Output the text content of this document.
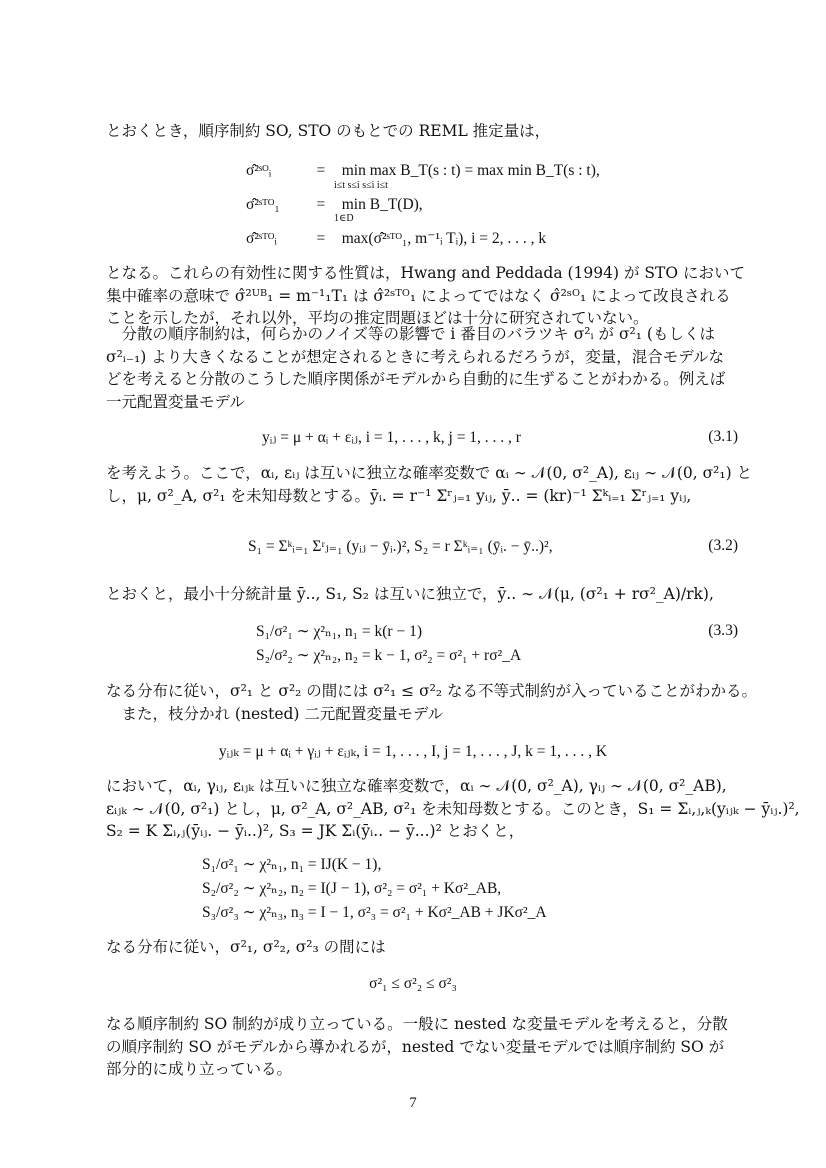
とおくとき，順序制約 SO, STO のもとでの REML 推定量は，

σ̂²ˢᴼᵢ	= min max B_T(s : t) = max min B_T(s : t),
i≤t s≤i s≤i i≤t
σ̂²ˢᵀᴼ₁ = min B_T(D),
1∈D
σ̂²ˢᵀᴼᵢ	= max(σ̂²ˢᵀᴼ₁, m⁻¹ᵢ Tᵢ), i = 2, . . . , k

となる。これらの有効性に関する性質は，Hwang and Peddada (1994) が STO において
集中確率の意味で σ̂²ᵁᴮ₁ = m⁻¹₁T₁ は σ̂²ˢᵀᴼ₁ によってではなく σ̂²ˢᴼ₁ によって改良される
ことを示したが，それ以外，平均の推定問題ほどは十分に研究されていない。

　分散の順序制約は，何らかのノイズ等の影響で i 番目のバラツキ σ²ᵢ が σ²₁ (もしくは
σ²ᵢ₋₁) より大きくなることが想定されるときに考えられるだろうが，変量，混合モデルな
どを考えると分散のこうした順序関係がモデルから自動的に生ずることがわかる。例えば
一元配置変量モデル

yᵢⱼ = μ + αᵢ + εᵢⱼ, i = 1, . . . , k, j = 1, . . . , r	(3.1)

を考えよう。ここで，αᵢ, εᵢⱼ は互いに独立な確率変数で αᵢ ∼ 𝒩(0, σ²_A), εᵢⱼ ∼ 𝒩(0, σ²₁) と
し，μ, σ²_A, σ²₁ を未知母数とする。ȳᵢ. = r⁻¹ Σʳⱼ₌₁ yᵢⱼ, ȳ.. = (kr)⁻¹ Σᵏᵢ₌₁ Σʳⱼ₌₁ yᵢⱼ,

S₁ = Σᵏᵢ₌₁ Σʳⱼ₌₁ (yᵢⱼ − ȳᵢ.)², S₂ = r Σᵏᵢ₌₁ (ȳᵢ. − ȳ..)²,	(3.2)

とおくと，最小十分統計量 ȳ.., S₁, S₂ は互いに独立で，ȳ.. ∼ 𝒩(μ, (σ²₁ + rσ²_A)/rk),

S₁/σ²₁ ∼ χ²ₙ₁, n₁ = k(r − 1)
S₂/σ²₂ ∼ χ²ₙ₂, n₂ = k − 1, σ²₂ = σ²₁ + rσ²_A
(3.3)

なる分布に従い，σ²₁ と σ²₂ の間には σ²₁ ≤ σ²₂ なる不等式制約が入っていることがわかる。
　また，枝分かれ (nested) 二元配置変量モデル

yᵢⱼₖ = μ + αᵢ + γᵢⱼ + εᵢⱼₖ, i = 1, . . . , I, j = 1, . . . , J, k = 1, . . . , K

において，αᵢ, γᵢⱼ, εᵢⱼₖ は互いに独立な確率変数で，αᵢ ∼ 𝒩(0, σ²_A), γᵢⱼ ∼ 𝒩(0, σ²_AB),
εᵢⱼₖ ∼ 𝒩(0, σ²₁) とし，μ, σ²_A, σ²_AB, σ²₁ を未知母数とする。このとき，S₁ = Σᵢ,ⱼ,ₖ(yᵢⱼₖ − ȳᵢⱼ.)²,
S₂ = K Σᵢ,ⱼ(ȳᵢⱼ. − ȳᵢ..)², S₃ = JK Σᵢ(ȳᵢ.. − ȳ...)² とおくと，

S₁/σ²₁ ∼ χ²ₙ₁, n₁ = IJ(K − 1),
S₂/σ²₂ ∼ χ²ₙ₂, n₂ = I(J − 1), σ²₂ = σ²₁ + Kσ²_AB,
S₃/σ²₃ ∼ χ²ₙ₃, n₃ = I − 1, σ²₃ = σ²₁ + Kσ²_AB + JKσ²_A

なる分布に従い，σ²₁, σ²₂, σ²₃ の間には

σ²₁ ≤ σ²₂ ≤ σ²₃

なる順序制約 SO 制約が成り立っている。一般に nested な変量モデルを考えると，分散
の順序制約 SO がモデルから導かれるが，nested でない変量モデルでは順序制約 SO が
部分的に成り立っている。

7
